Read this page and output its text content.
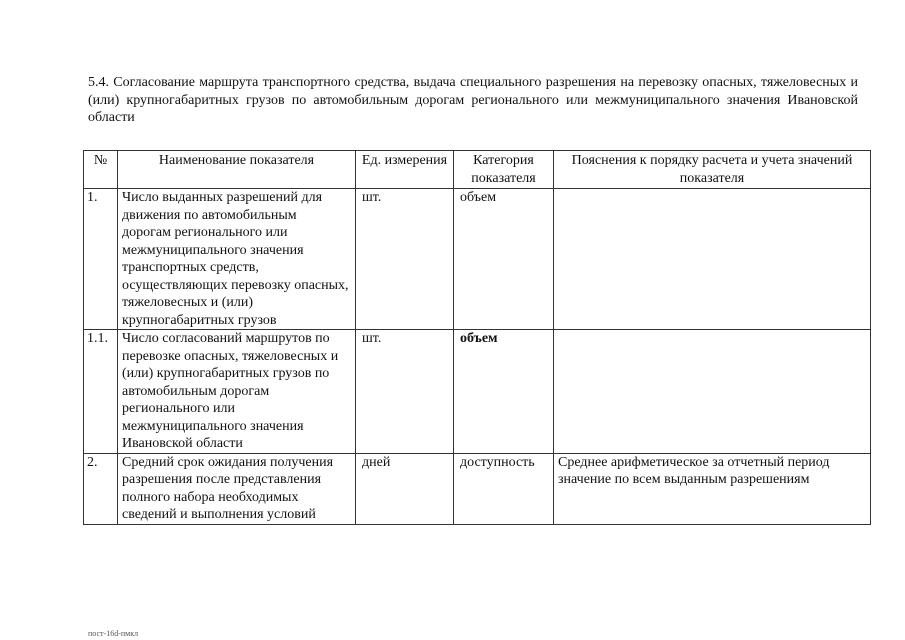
5.4. Согласование маршрута транспортного средства, выдача специального разрешения на перевозку опасных, тяжеловесных и (или) крупногабаритных грузов по автомобильным дорогам регионального или межмуниципального значения Ивановской области
№	Наименование показателя	Ед. измерения	Категория показателя	Пояснения к порядку расчета и учета значений показателя
1.	Число выданных разрешений для движения по автомобильным дорогам регионального или межмуниципального значения транспортных средств, осуществляющих перевозку опасных, тяжеловесных и (или) крупногабаритных грузов	шт.	объем	
1.1.	Число согласований маршрутов по перевозке опасных, тяжеловесных и (или) крупногабаритных грузов по автомобильным дорогам регионального или межмуниципального значения Ивановской области	шт.	объем	
2.	Средний срок ожидания получения разрешения после представления полного набора необходимых сведений и выполнения условий	дней	доступность	Среднее арифметическое за отчетный период значение по всем выданным разрешениям
пост-16d-пмкл
